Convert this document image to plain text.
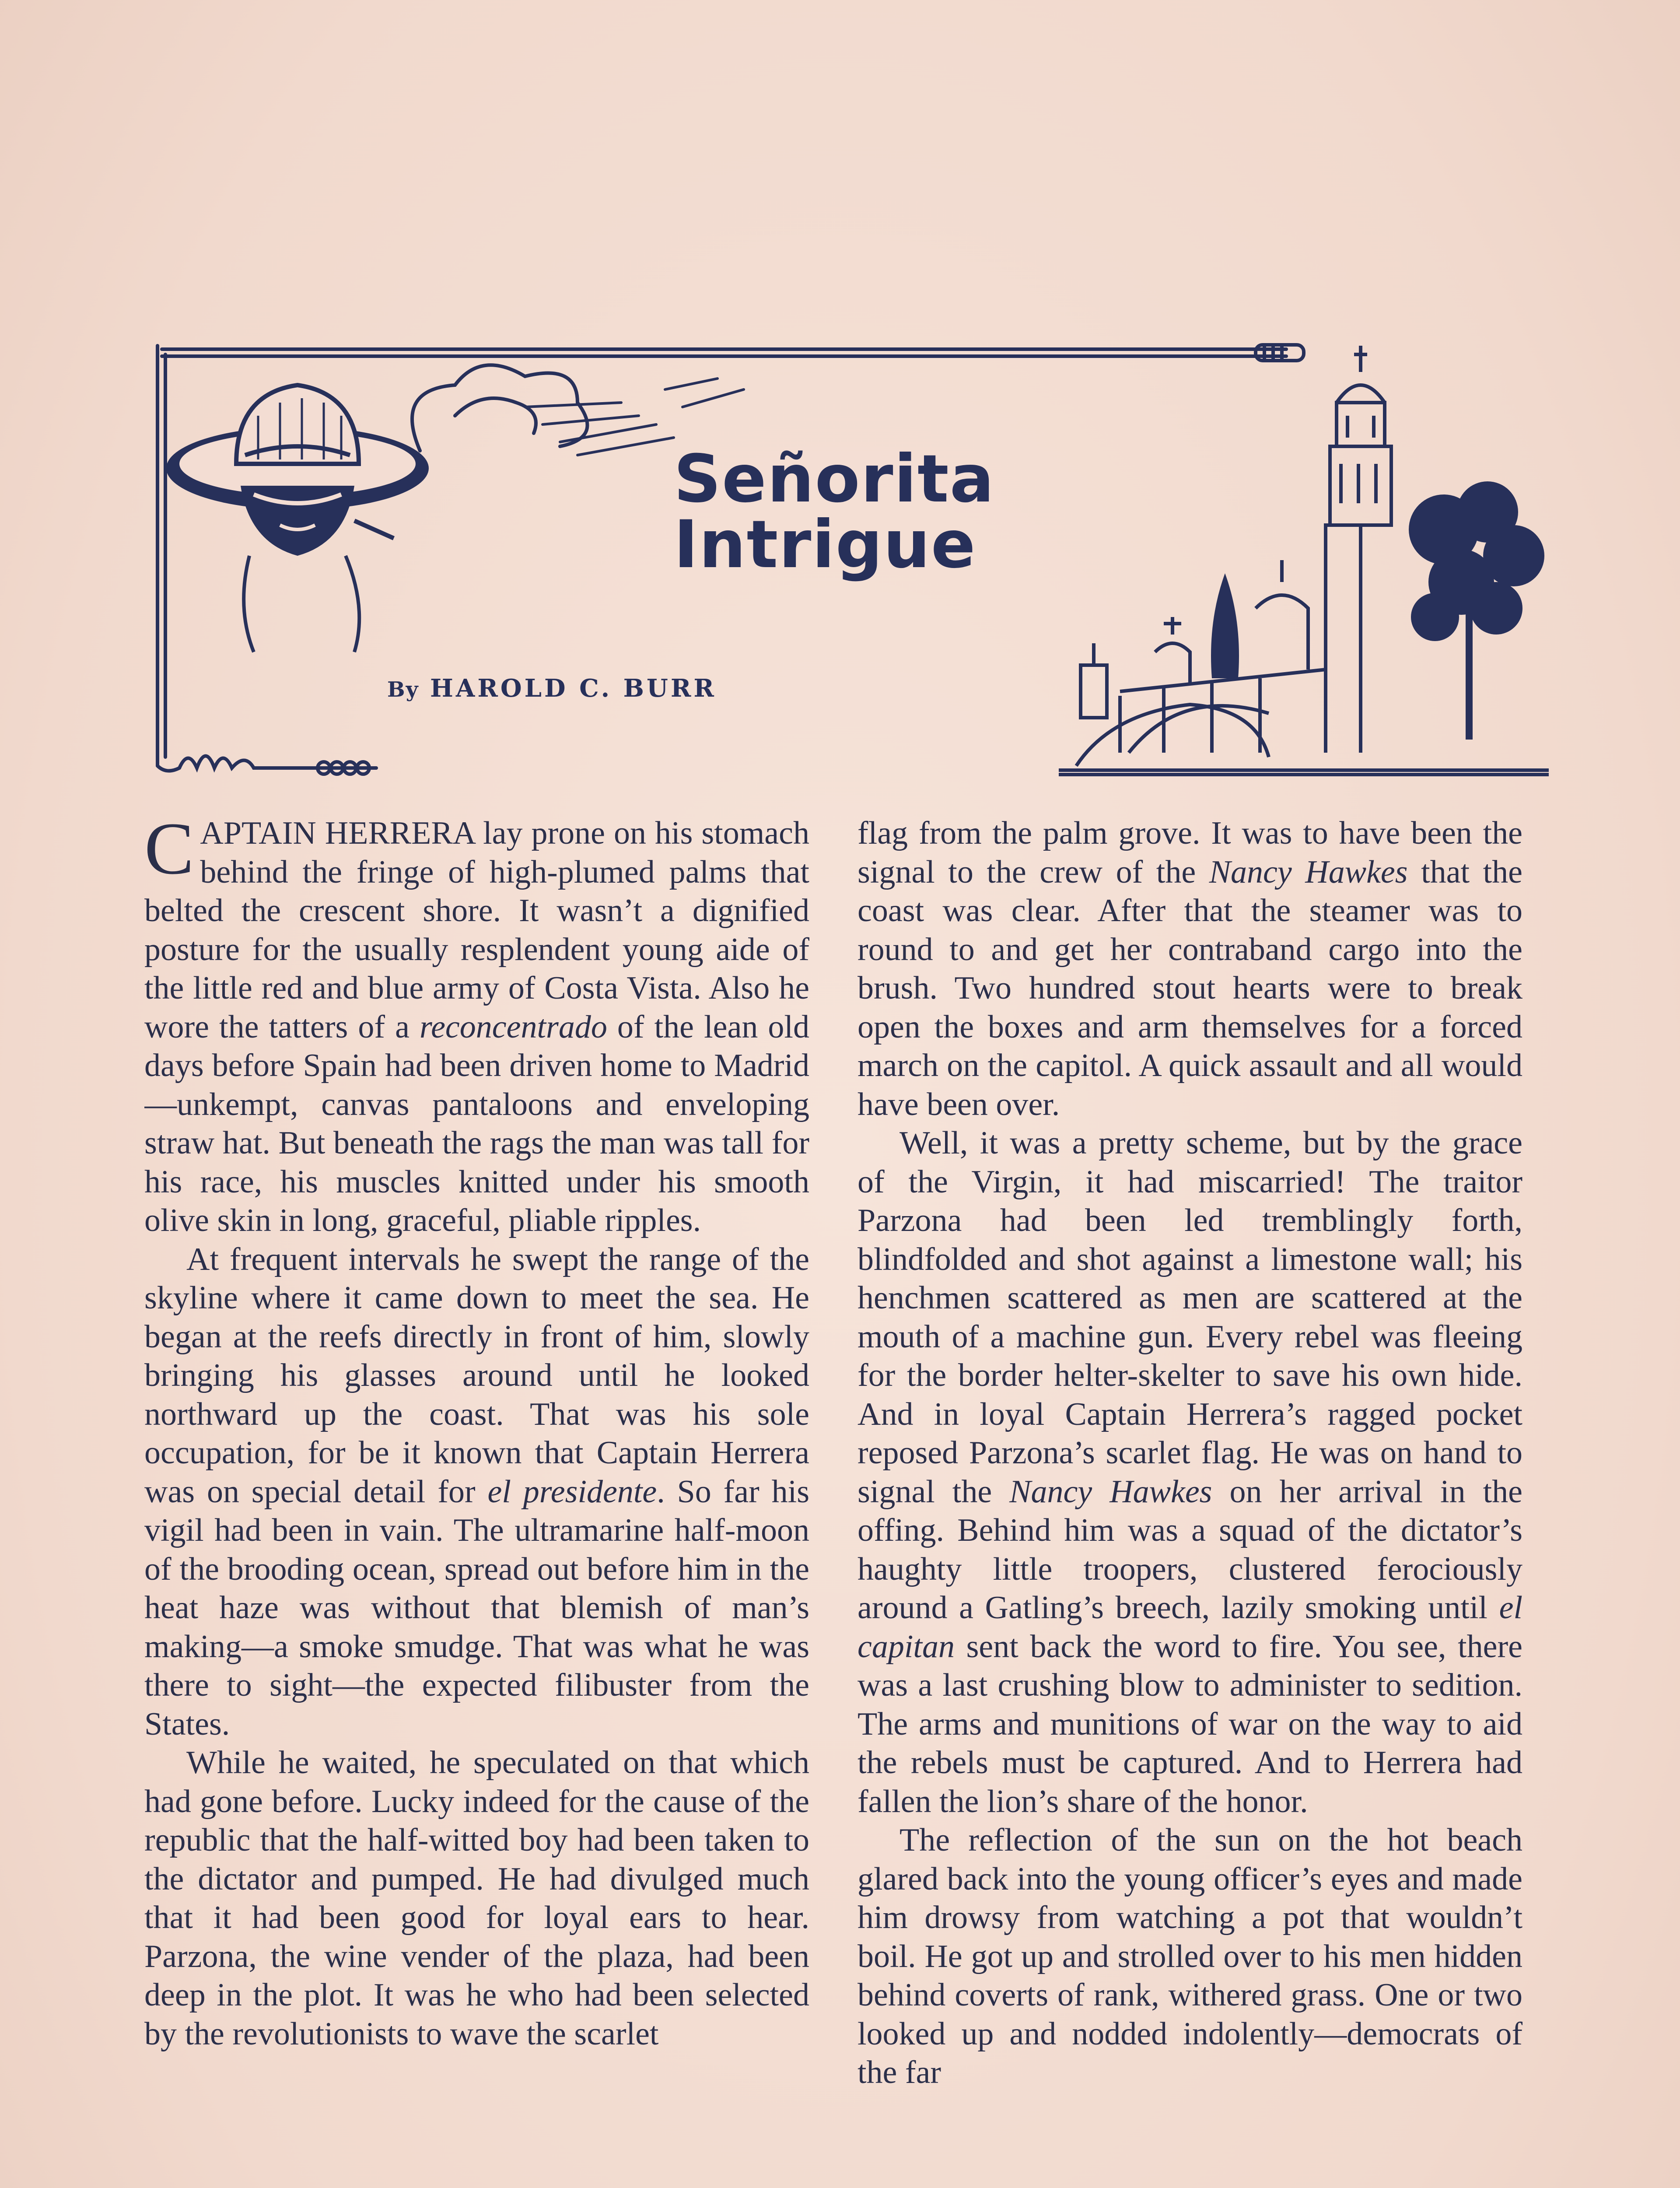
Señorita
Intrigue

By HAROLD C. BURR

CAPTAIN HERRERA lay prone on his stomach behind the fringe of high-plumed palms that belted the crescent shore. It wasn’t a dignified posture for the usually resplendent young aide of the little red and blue army of Costa Vista. Also he wore the tatters of a reconcentrado of the lean old days before Spain had been driven home to Madrid—unkempt, canvas pantaloons and enveloping straw hat. But beneath the rags the man was tall for his race, his muscles knitted under his smooth olive skin in long, graceful, pliable ripples.

At frequent intervals he swept the range of the skyline where it came down to meet the sea. He began at the reefs directly in front of him, slowly bringing his glasses around until he looked northward up the coast. That was his sole occupation, for be it known that Captain Herrera was on special detail for el presidente. So far his vigil had been in vain. The ultramarine half-moon of the brooding ocean, spread out before him in the heat haze was without that blemish of man’s making—a smoke smudge. That was what he was there to sight—the expected filibuster from the States.

While he waited, he speculated on that which had gone before. Lucky indeed for the cause of the republic that the half-witted boy had been taken to the dictator and pumped. He had divulged much that it had been good for loyal ears to hear. Parzona, the wine vender of the plaza, had been deep in the plot. It was he who had been selected by the revolutionists to wave the scarlet

flag from the palm grove. It was to have been the signal to the crew of the Nancy Hawkes that the coast was clear. After that the steamer was to round to and get her contraband cargo into the brush. Two hundred stout hearts were to break open the boxes and arm themselves for a forced march on the capitol. A quick assault and all would have been over.

Well, it was a pretty scheme, but by the grace of the Virgin, it had miscarried! The traitor Parzona had been led tremblingly forth, blindfolded and shot against a limestone wall; his henchmen scattered as men are scattered at the mouth of a machine gun. Every rebel was fleeing for the border helter-skelter to save his own hide. And in loyal Captain Herrera’s ragged pocket reposed Parzona’s scarlet flag. He was on hand to signal the Nancy Hawkes on her arrival in the offing. Behind him was a squad of the dictator’s haughty little troopers, clustered ferociously around a Gatling’s breech, lazily smoking until el capitan sent back the word to fire. You see, there was a last crushing blow to administer to sedition. The arms and munitions of war on the way to aid the rebels must be captured. And to Herrera had fallen the lion’s share of the honor.

The reflection of the sun on the hot beach glared back into the young officer’s eyes and made him drowsy from watching a pot that wouldn’t boil. He got up and strolled over to his men hidden behind coverts of rank, withered grass. One or two looked up and nodded indolently—democrats of the far
